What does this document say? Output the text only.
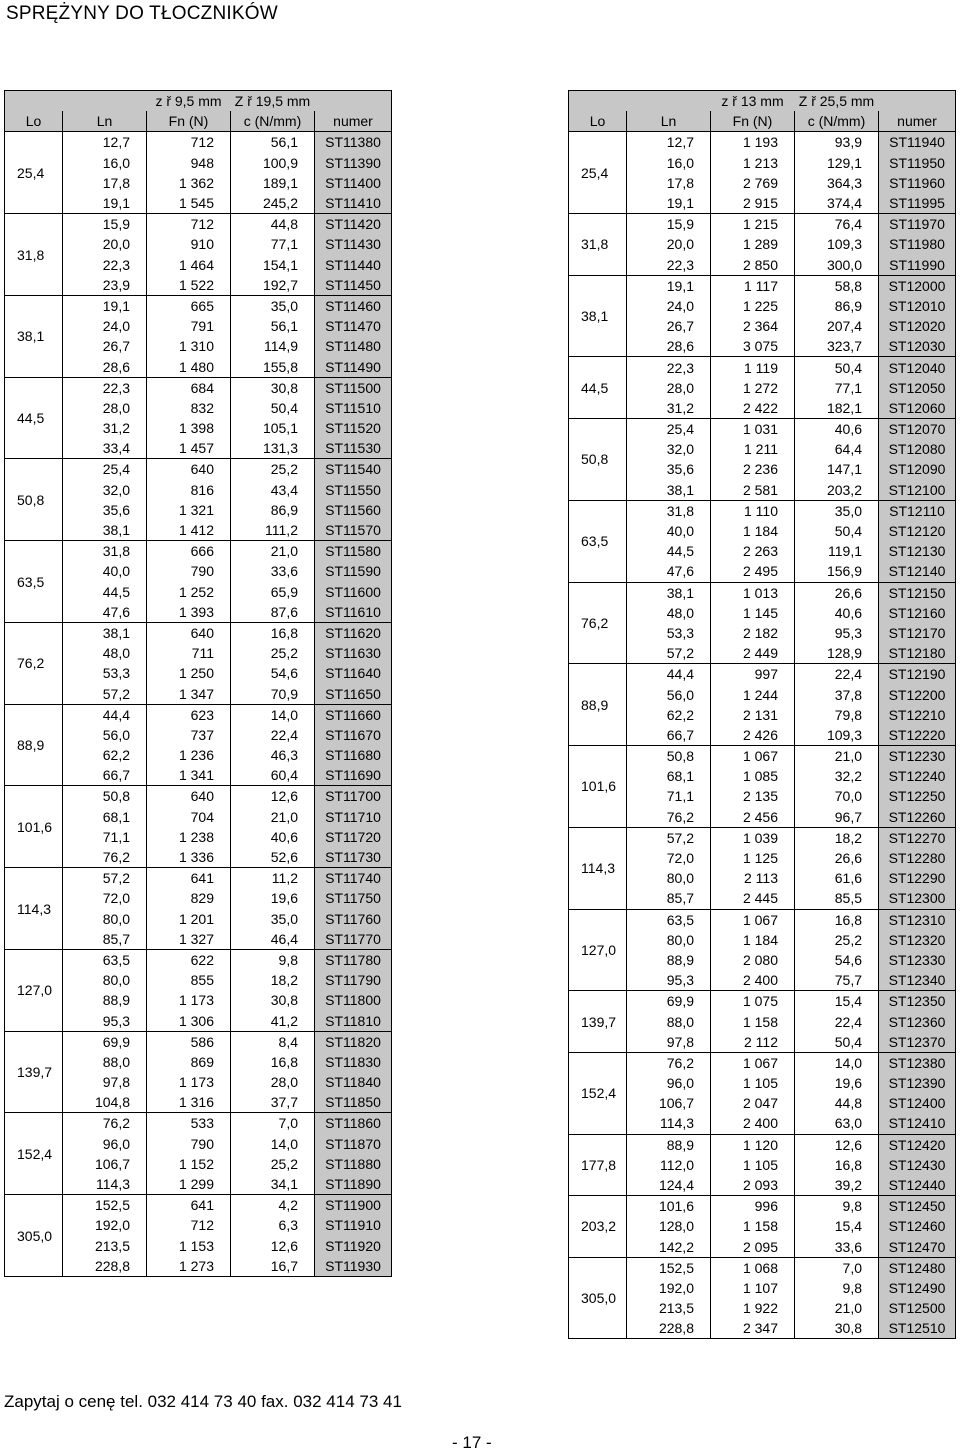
SPRĘŻYNY DO TŁOCZNIKÓW
		z ř 9,5 mm	Z ř 19,5 mm	
Lo	Ln	Fn (N)	c (N/mm)	numer
25,4	12,7	712	56,1	ST11380
	16,0	948	100,9	ST11390
	17,8	1 362	189,1	ST11400
	19,1	1 545	245,2	ST11410
31,8	15,9	712	44,8	ST11420
	20,0	910	77,1	ST11430
	22,3	1 464	154,1	ST11440
	23,9	1 522	192,7	ST11450
38,1	19,1	665	35,0	ST11460
	24,0	791	56,1	ST11470
	26,7	1 310	114,9	ST11480
	28,6	1 480	155,8	ST11490
44,5	22,3	684	30,8	ST11500
	28,0	832	50,4	ST11510
	31,2	1 398	105,1	ST11520
	33,4	1 457	131,3	ST11530
50,8	25,4	640	25,2	ST11540
	32,0	816	43,4	ST11550
	35,6	1 321	86,9	ST11560
	38,1	1 412	111,2	ST11570
63,5	31,8	666	21,0	ST11580
	40,0	790	33,6	ST11590
	44,5	1 252	65,9	ST11600
	47,6	1 393	87,6	ST11610
76,2	38,1	640	16,8	ST11620
	48,0	711	25,2	ST11630
	53,3	1 250	54,6	ST11640
	57,2	1 347	70,9	ST11650
88,9	44,4	623	14,0	ST11660
	56,0	737	22,4	ST11670
	62,2	1 236	46,3	ST11680
	66,7	1 341	60,4	ST11690
101,6	50,8	640	12,6	ST11700
	68,1	704	21,0	ST11710
	71,1	1 238	40,6	ST11720
	76,2	1 336	52,6	ST11730
114,3	57,2	641	11,2	ST11740
	72,0	829	19,6	ST11750
	80,0	1 201	35,0	ST11760
	85,7	1 327	46,4	ST11770
127,0	63,5	622	9,8	ST11780
	80,0	855	18,2	ST11790
	88,9	1 173	30,8	ST11800
	95,3	1 306	41,2	ST11810
139,7	69,9	586	8,4	ST11820
	88,0	869	16,8	ST11830
	97,8	1 173	28,0	ST11840
	104,8	1 316	37,7	ST11850
152,4	76,2	533	7,0	ST11860
	96,0	790	14,0	ST11870
	106,7	1 152	25,2	ST11880
	114,3	1 299	34,1	ST11890
305,0	152,5	641	4,2	ST11900
	192,0	712	6,3	ST11910
	213,5	1 153	12,6	ST11920
	228,8	1 273	16,7	ST11930
		z ř 13 mm	Z ř 25,5 mm	
Lo	Ln	Fn (N)	c (N/mm)	numer
25,4	12,7	1 193	93,9	ST11940
	16,0	1 213	129,1	ST11950
	17,8	2 769	364,3	ST11960
	19,1	2 915	374,4	ST11995
31,8	15,9	1 215	76,4	ST11970
	20,0	1 289	109,3	ST11980
	22,3	2 850	300,0	ST11990
38,1	19,1	1 117	58,8	ST12000
	24,0	1 225	86,9	ST12010
	26,7	2 364	207,4	ST12020
	28,6	3 075	323,7	ST12030
44,5	22,3	1 119	50,4	ST12040
	28,0	1 272	77,1	ST12050
	31,2	2 422	182,1	ST12060
50,8	25,4	1 031	40,6	ST12070
	32,0	1 211	64,4	ST12080
	35,6	2 236	147,1	ST12090
	38,1	2 581	203,2	ST12100
63,5	31,8	1 110	35,0	ST12110
	40,0	1 184	50,4	ST12120
	44,5	2 263	119,1	ST12130
	47,6	2 495	156,9	ST12140
76,2	38,1	1 013	26,6	ST12150
	48,0	1 145	40,6	ST12160
	53,3	2 182	95,3	ST12170
	57,2	2 449	128,9	ST12180
88,9	44,4	997	22,4	ST12190
	56,0	1 244	37,8	ST12200
	62,2	2 131	79,8	ST12210
	66,7	2 426	109,3	ST12220
101,6	50,8	1 067	21,0	ST12230
	68,1	1 085	32,2	ST12240
	71,1	2 135	70,0	ST12250
	76,2	2 456	96,7	ST12260
114,3	57,2	1 039	18,2	ST12270
	72,0	1 125	26,6	ST12280
	80,0	2 113	61,6	ST12290
	85,7	2 445	85,5	ST12300
127,0	63,5	1 067	16,8	ST12310
	80,0	1 184	25,2	ST12320
	88,9	2 080	54,6	ST12330
	95,3	2 400	75,7	ST12340
139,7	69,9	1 075	15,4	ST12350
	88,0	1 158	22,4	ST12360
	97,8	2 112	50,4	ST12370
152,4	76,2	1 067	14,0	ST12380
	96,0	1 105	19,6	ST12390
	106,7	2 047	44,8	ST12400
	114,3	2 400	63,0	ST12410
177,8	88,9	1 120	12,6	ST12420
	112,0	1 105	16,8	ST12430
	124,4	2 093	39,2	ST12440
203,2	101,6	996	9,8	ST12450
	128,0	1 158	15,4	ST12460
	142,2	2 095	33,6	ST12470
305,0	152,5	1 068	7,0	ST12480
	192,0	1 107	9,8	ST12490
	213,5	1 922	21,0	ST12500
	228,8	2 347	30,8	ST12510
Zapytaj o cenę tel. 032 414 73 40 fax. 032 414 73 41
- 17 -
